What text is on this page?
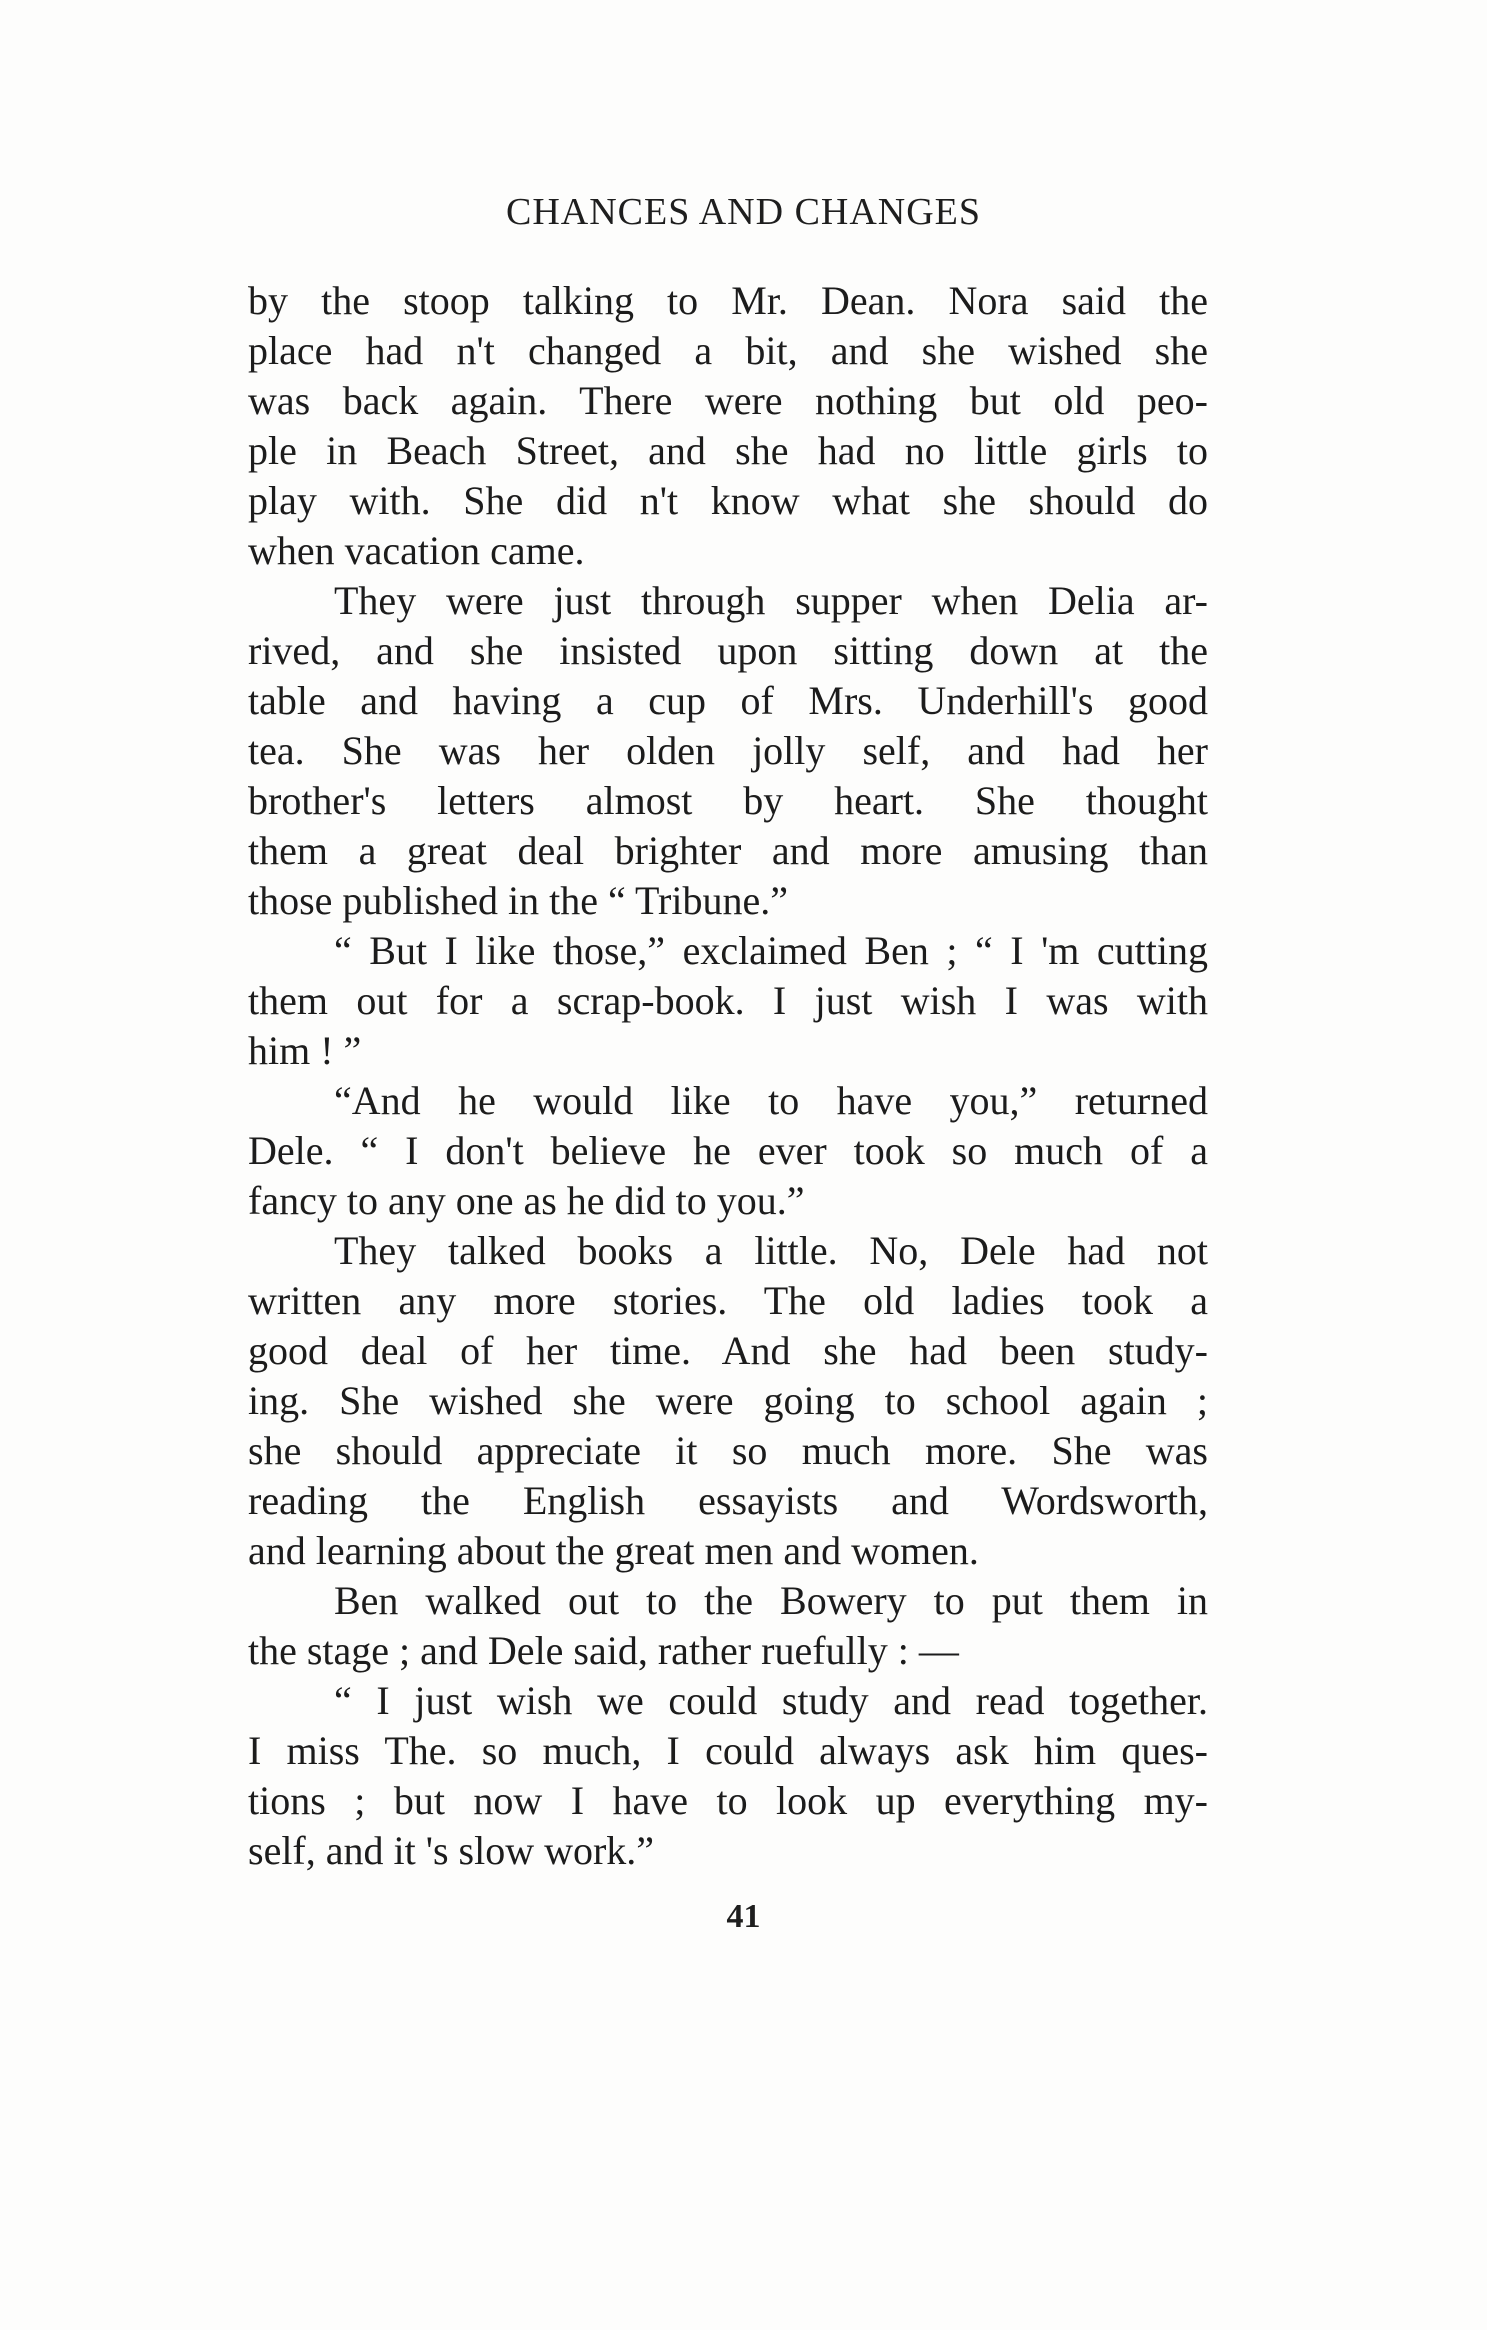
CHANCES AND CHANGES

by the stoop talking to Mr. Dean. Nora said the
place had n't changed a bit, and she wished she
was back again. There were nothing but old peo-
ple in Beach Street, and she had no little girls to
play with. She did n't know what she should do
when vacation came.

They were just through supper when Delia ar-
rived, and she insisted upon sitting down at the
table and having a cup of Mrs. Underhill's good
tea. She was her olden jolly self, and had her
brother's letters almost by heart. She thought
them a great deal brighter and more amusing than
those published in the “ Tribune.”

“ But I like those,” exclaimed Ben ; “ I 'm cutting
them out for a scrap-book. I just wish I was with
him ! ”

“And he would like to have you,” returned
Dele. “ I don't believe he ever took so much of a
fancy to any one as he did to you.”

They talked books a little. No, Dele had not
written any more stories. The old ladies took a
good deal of her time. And she had been study-
ing. She wished she were going to school again ;
she should appreciate it so much more. She was
reading the English essayists and Wordsworth,
and learning about the great men and women.

Ben walked out to the Bowery to put them in
the stage ; and Dele said, rather ruefully : —

“ I just wish we could study and read together.
I miss The. so much, I could always ask him ques-
tions ; but now I have to look up everything my-
self, and it 's slow work.”

41
